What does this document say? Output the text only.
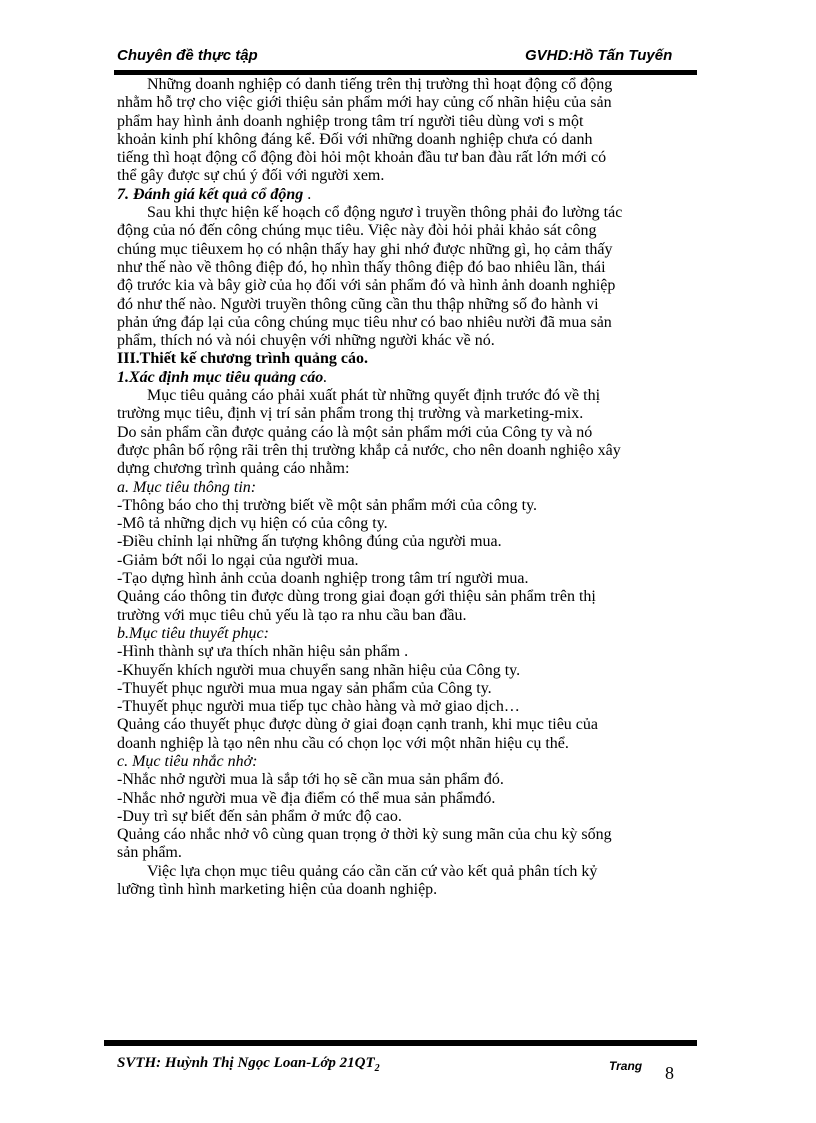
Chuyên đề thực tập	GVHD:Hồ Tấn Tuyến

Những doanh nghiệp có danh tiếng trên thị trường thì hoạt động cổ động

nhằm hỗ trợ cho việc giới thiệu sản phẩm mới hay củng cố nhãn hiệu của sản

phẩm hay hình ảnh doanh nghiệp trong tâm trí người tiêu dùng vơi s một

khoản kinh phí không đáng kể. Đối với những doanh nghiệp chưa có danh

tiếng thì hoạt động cổ động đòi hỏi một khoản đầu tư ban đàu rất lớn mới có

thể gây được sự chú ý đối với người xem.

7. Đánh giá kết quả cổ động .

Sau khi thực hiện kế hoạch cổ động ngươ ì truyền thông phải đo lường tác

động của nó đến công chúng mục tiêu. Việc này đòi hỏi phải khảo sát công

chúng mục tiêuxem họ có nhận thấy hay ghi nhớ được những gì, họ cảm thấy

như thế nào về thông điệp đó, họ nhìn thấy thông điệp đó bao nhiêu lần, thái

độ trước kia và bây giờ của họ đối với sản phẩm đó và hình ảnh doanh nghiệp

đó như thế nào. Người truyền thông cũng cần thu thập những số đo hành vi

phản ứng đáp lại của công chúng mục tiêu như có bao nhiêu nười đã mua sản

phẩm, thích nó và nói chuyện với những người khác về nó.

III.Thiết kế chương trình quảng cáo.

1.Xác định mục tiêu quảng cáo.

Mục tiêu quảng cáo phải xuất phát từ những quyết định trước đó về thị

trường mục tiêu, định vị trí sản phẩm trong thị trường và marketing-mix.

Do sản phẩm cần được quảng cáo là một sản phẩm mới của Công ty và nó

được phân bố rộng rãi trên thị trường khắp cả nước, cho nên doanh nghiệo xây

dựng chương trình quảng cáo nhằm:

a. Mục tiêu thông tin:

-Thông báo cho thị trường biết về một sản phẩm mới của công ty.

-Mô tả những dịch vụ hiện có của công ty.

-Điều chỉnh lại những ấn tượng không đúng của người mua.

-Giảm bớt nổi lo ngại của người mua.

-Tạo dựng hình ảnh ccủa doanh nghiệp trong tâm trí người mua.

Quảng cáo thông tin được dùng trong giai đoạn gới thiệu sản phẩm trên thị

trường với mục tiêu chủ yếu là tạo ra nhu cầu ban đầu.

b.Mục tiêu thuyết phục:

-Hình thành sự ưa thích nhãn hiệu sản phẩm .

-Khuyến khích người mua chuyển sang nhãn hiệu của Công ty.

-Thuyết phục người mua mua ngay sản phẩm của Công ty.

-Thuyết phục người mua tiếp tục chào hàng và mở giao dịch…

Quảng cáo thuyết phục được dùng ở giai đoạn cạnh tranh, khi mục tiêu của

doanh nghiệp là tạo nên nhu cầu có chọn lọc với một nhãn hiệu cụ thể.

c. Mục tiêu nhắc nhở:

-Nhắc nhở người mua là sắp tới họ sẽ cần mua sản phẩm đó.

-Nhắc nhở người mua về địa điểm có thể mua sản phẩmđó.

-Duy trì sự biết đến sản phẩm ở mức độ cao.

Quảng cáo nhắc nhở vô cùng quan trọng ở thời kỳ sung mãn của chu kỳ sống

sản phẩm.

Việc lựa chọn mục tiêu quảng cáo cần căn cứ vào kết quả phân tích kỷ

lưỡng tình hình marketing hiện của doanh nghiệp.

SVTH: Huỳnh Thị Ngọc Loan-Lớp $21QT_2$	Trang 8
